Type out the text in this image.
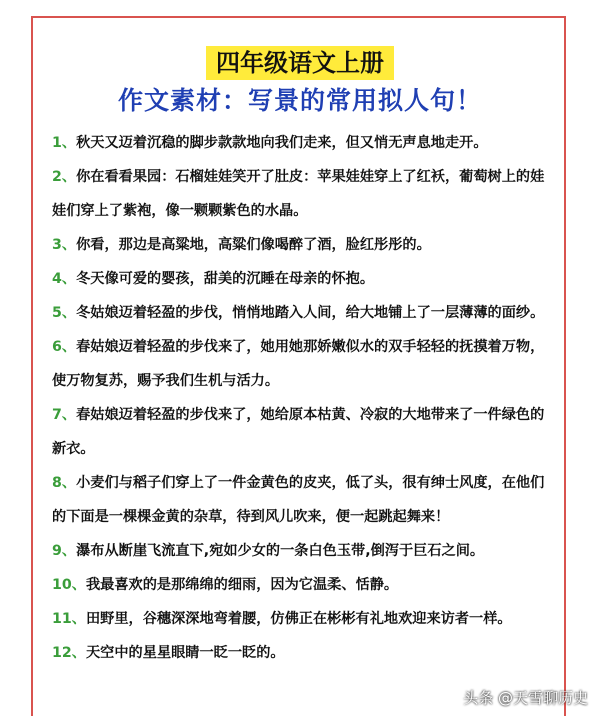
四年级语文上册
作文素材：写景的常用拟人句！

1、秋天又迈着沉稳的脚步款款地向我们走来，但又悄无声息地走开。

2、你在看看果园：石榴娃娃笑开了肚皮：苹果娃娃穿上了红袄，葡萄树上的娃娃们穿上了紫袍，像一颗颗紫色的水晶。

3、你看，那边是高粱地，高粱们像喝醉了酒，脸红彤彤的。

4、冬天像可爱的婴孩，甜美的沉睡在母亲的怀抱。

5、冬姑娘迈着轻盈的步伐，悄悄地踏入人间，给大地铺上了一层薄薄的面纱。

6、春姑娘迈着轻盈的步伐来了，她用她那娇嫩似水的双手轻轻的抚摸着万物，使万物复苏，赐予我们生机与活力。

7、春姑娘迈着轻盈的步伐来了，她给原本枯黄、冷寂的大地带来了一件绿色的新衣。

8、小麦们与稻子们穿上了一件金黄色的皮夹，低了头，很有绅士风度，在他们的下面是一棵棵金黄的杂草，待到风儿吹来，便一起跳起舞来！

9、瀑布从断崖飞流直下,宛如少女的一条白色玉带,倒泻于巨石之间。

10、我最喜欢的是那绵绵的细雨，因为它温柔、恬静。

11、田野里，谷穗深深地弯着腰，仿佛正在彬彬有礼地欢迎来访者一样。

12、天空中的星星眼睛一眨一眨的。

头条 @天雪聊历史
